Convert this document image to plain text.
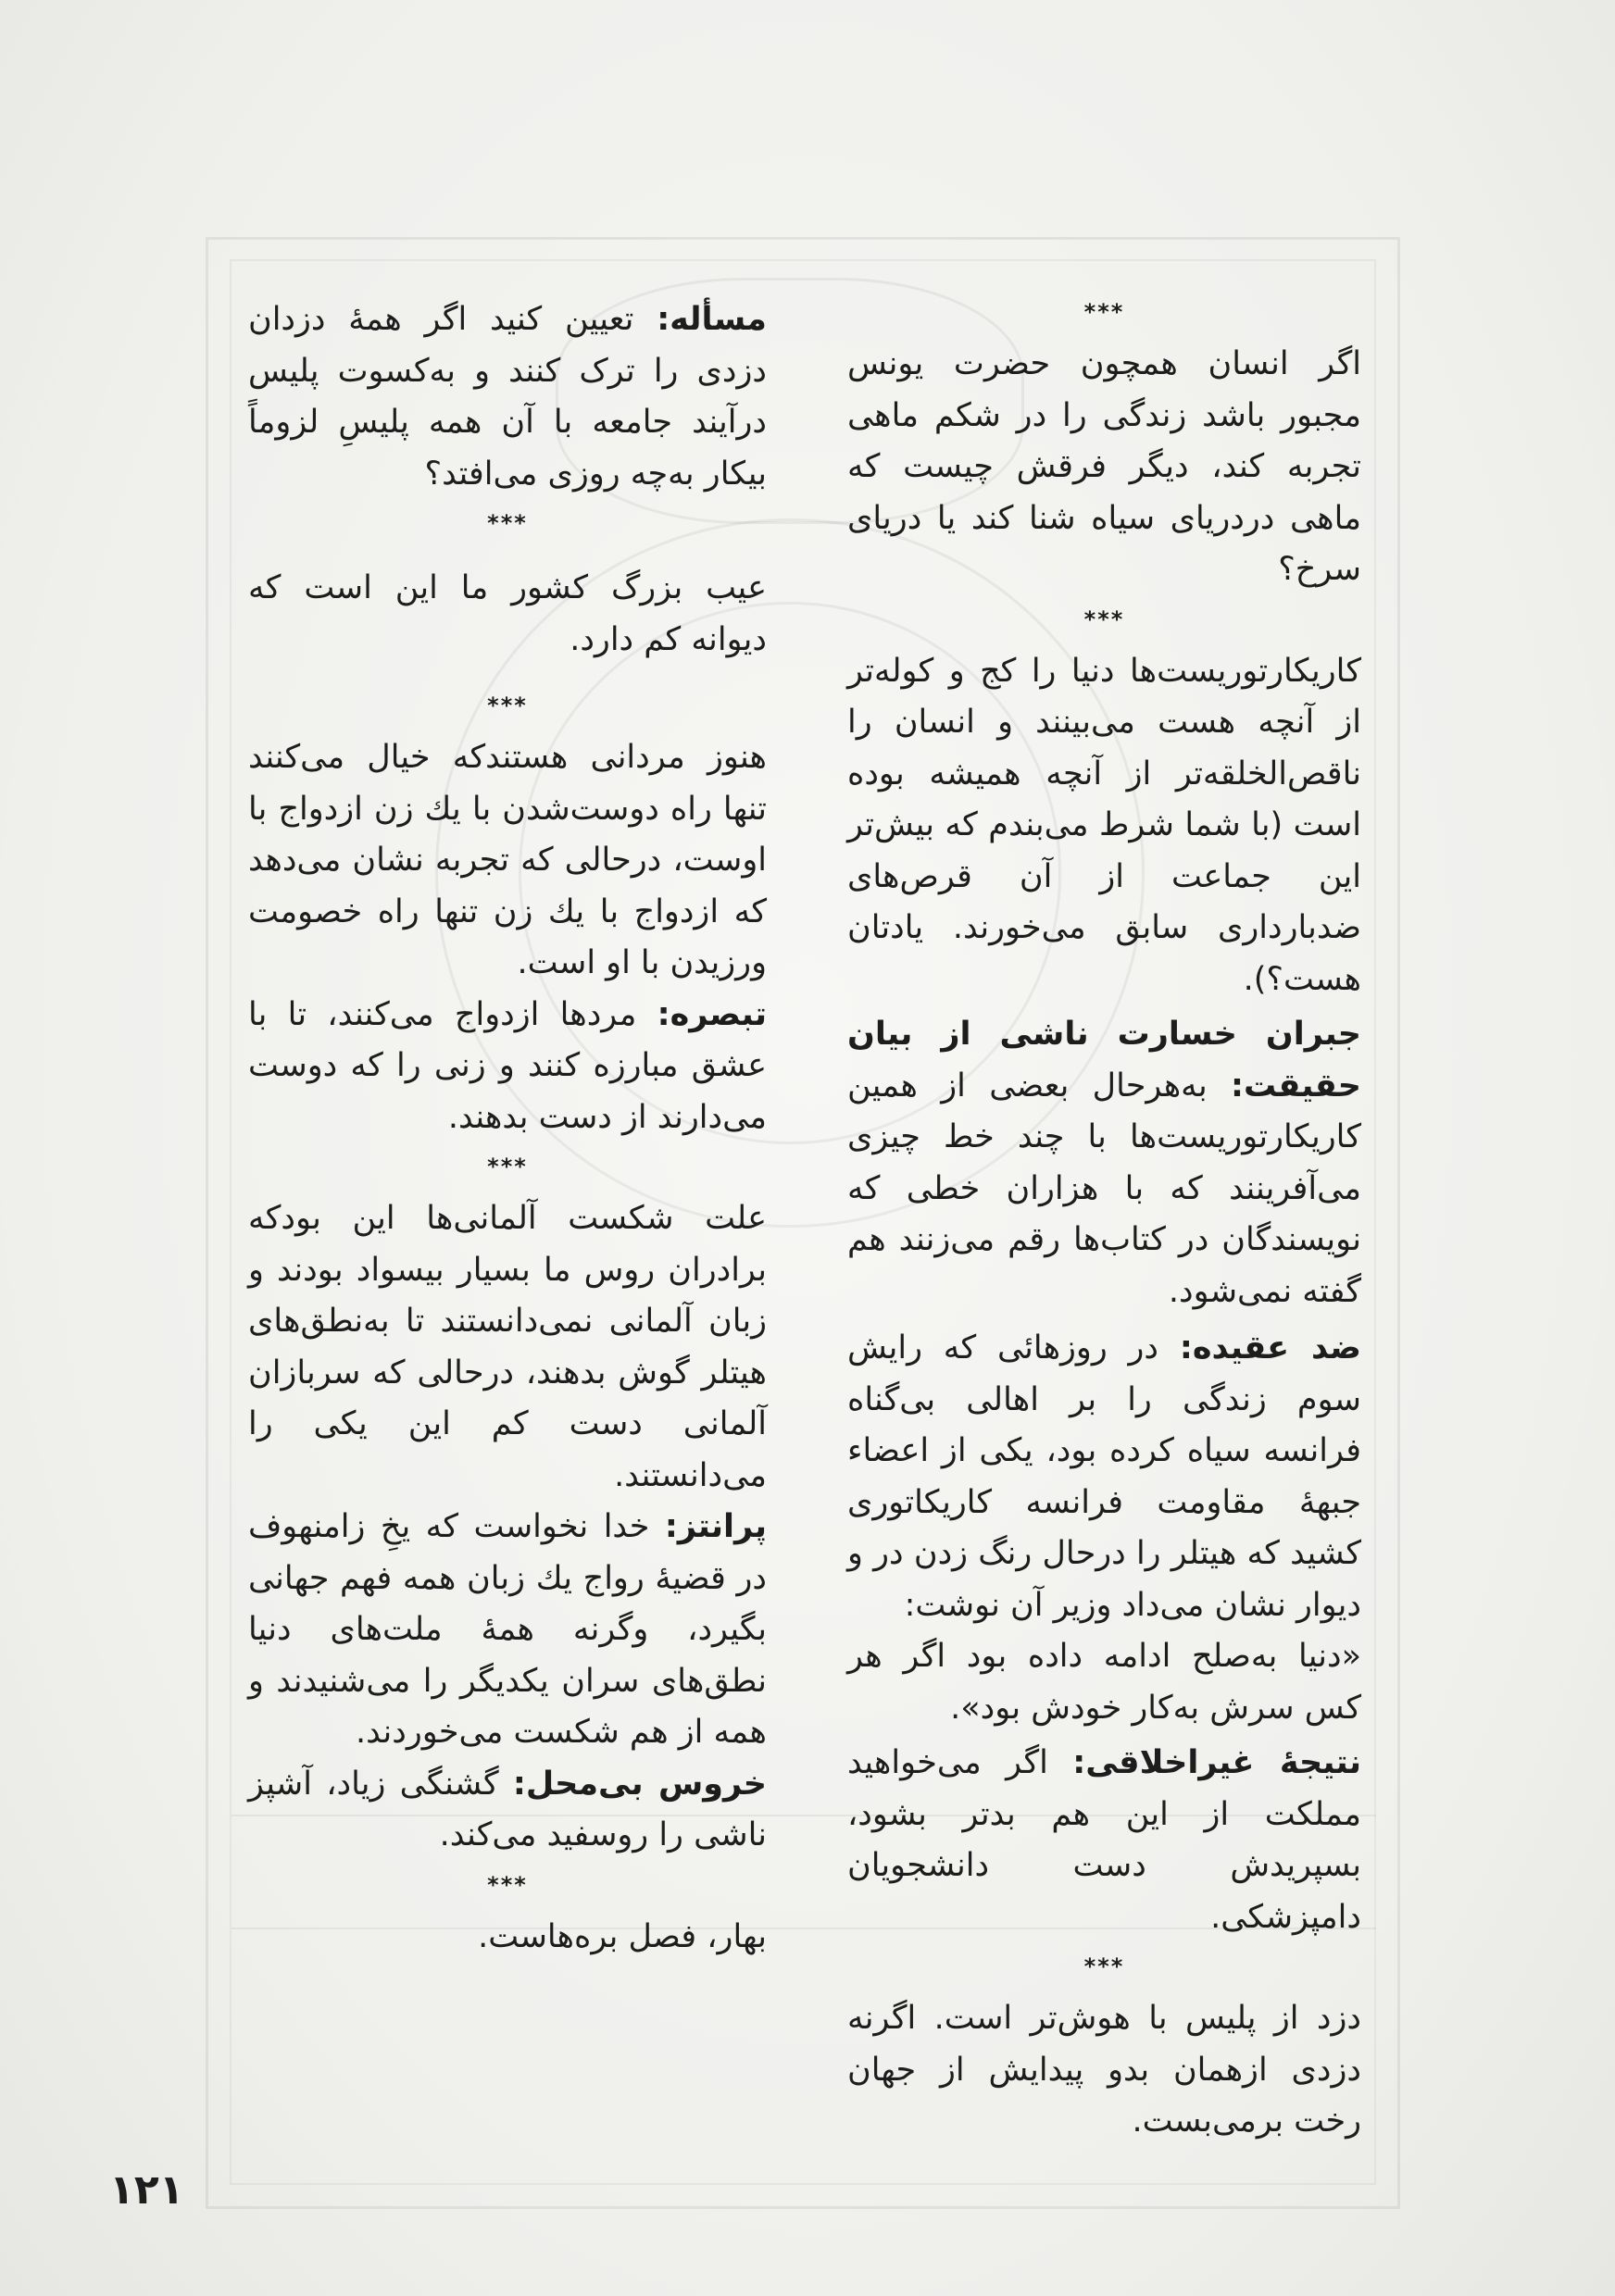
***

اگر انسان همچون حضرت یونس مجبور باشد زندگی را در شکم ماهی تجربه کند، دیگر فرقش چیست که ماهی دردریای سیاه شنا کند یا دریای سرخ؟

***

کاریکارتوریست‌ها دنیا را کج و کوله‌تر از آنچه هست می‌بینند و انسان را ناقص‌الخلقه‌تر از آنچه همیشه بوده است (با شما شرط می‌بندم که بیش‌تر این جماعت از آن قرص‌های ضدبارداری سابق می‌خورند. یادتان هست؟).

جبران خسارت ناشی از بیان حقیقت: به‌هرحال بعضی از همین کاریکارتوریست‌ها با چند خط چیزی می‌آفرینند که با هزاران خطی که نویسندگان در کتاب‌ها رقم می‌زنند هم گفته نمی‌شود.

ضد عقیده: در روزهائی که رایش سوم زندگی را بر اهالی بی‌گناه فرانسه سیاه کرده بود، یکی از اعضاء جبهۀ مقاومت فرانسه کاریکاتوری کشید که هیتلر را درحال رنگ زدن در و دیوار نشان می‌داد وزیر آن نوشت:

«دنیا به‌صلح ادامه داده بود اگر هر کس سرش به‌کار خودش بود».

نتیجۀ غیراخلاقی: اگر می‌خواهید مملکت از این هم بدتر بشود، بسپریدش دست دانشجویان دامپزشکی.

***

دزد از پلیس با هوش‌تر است. اگرنه دزدی ازهمان بدو پیدایش از جهان رخت برمی‌بست.

مسأله: تعیین کنید اگر همۀ دزدان دزدی را ترک کنند و به‌کسوت پلیس درآیند جامعه با آن همه پلیسِ لزوماً بیکار به‌چه روزی می‌افتد؟

***

عیب بزرگ کشور ما این است که دیوانه کم دارد.

***

هنوز مردانی هستندکه خیال می‌کنند تنها راه دوست‌شدن با یك زن ازدواج با اوست، درحالی که تجربه نشان می‌دهد که ازدواج با یك زن تنها راه خصومت ورزیدن با او است.

تبصره: مردها ازدواج می‌کنند، تا با عشق مبارزه کنند و زنی را که دوست می‌دارند از دست بدهند.

***

علت شکست آلمانی‌ها این بودکه برادران روس ما بسیار بیسواد بودند و زبان آلمانی نمی‌دانستند تا به‌نطق‌های هیتلر گوش بدهند، درحالی که سربازان آلمانی دست کم این یکی را می‌دانستند.

پرانتز: خدا نخواست که یخِ زامنهوف در قضیۀ رواج یك زبان همه فهم جهانی بگیرد، وگرنه همۀ ملت‌های دنیا نطق‌های سران یکدیگر را می‌شنیدند و همه از هم شکست می‌خوردند.

خروس بی‌محل: گشنگی زیاد، آشپز ناشی را روسفید می‌کند.

***

بهار، فصل بره‌هاست.

۱۲۱
